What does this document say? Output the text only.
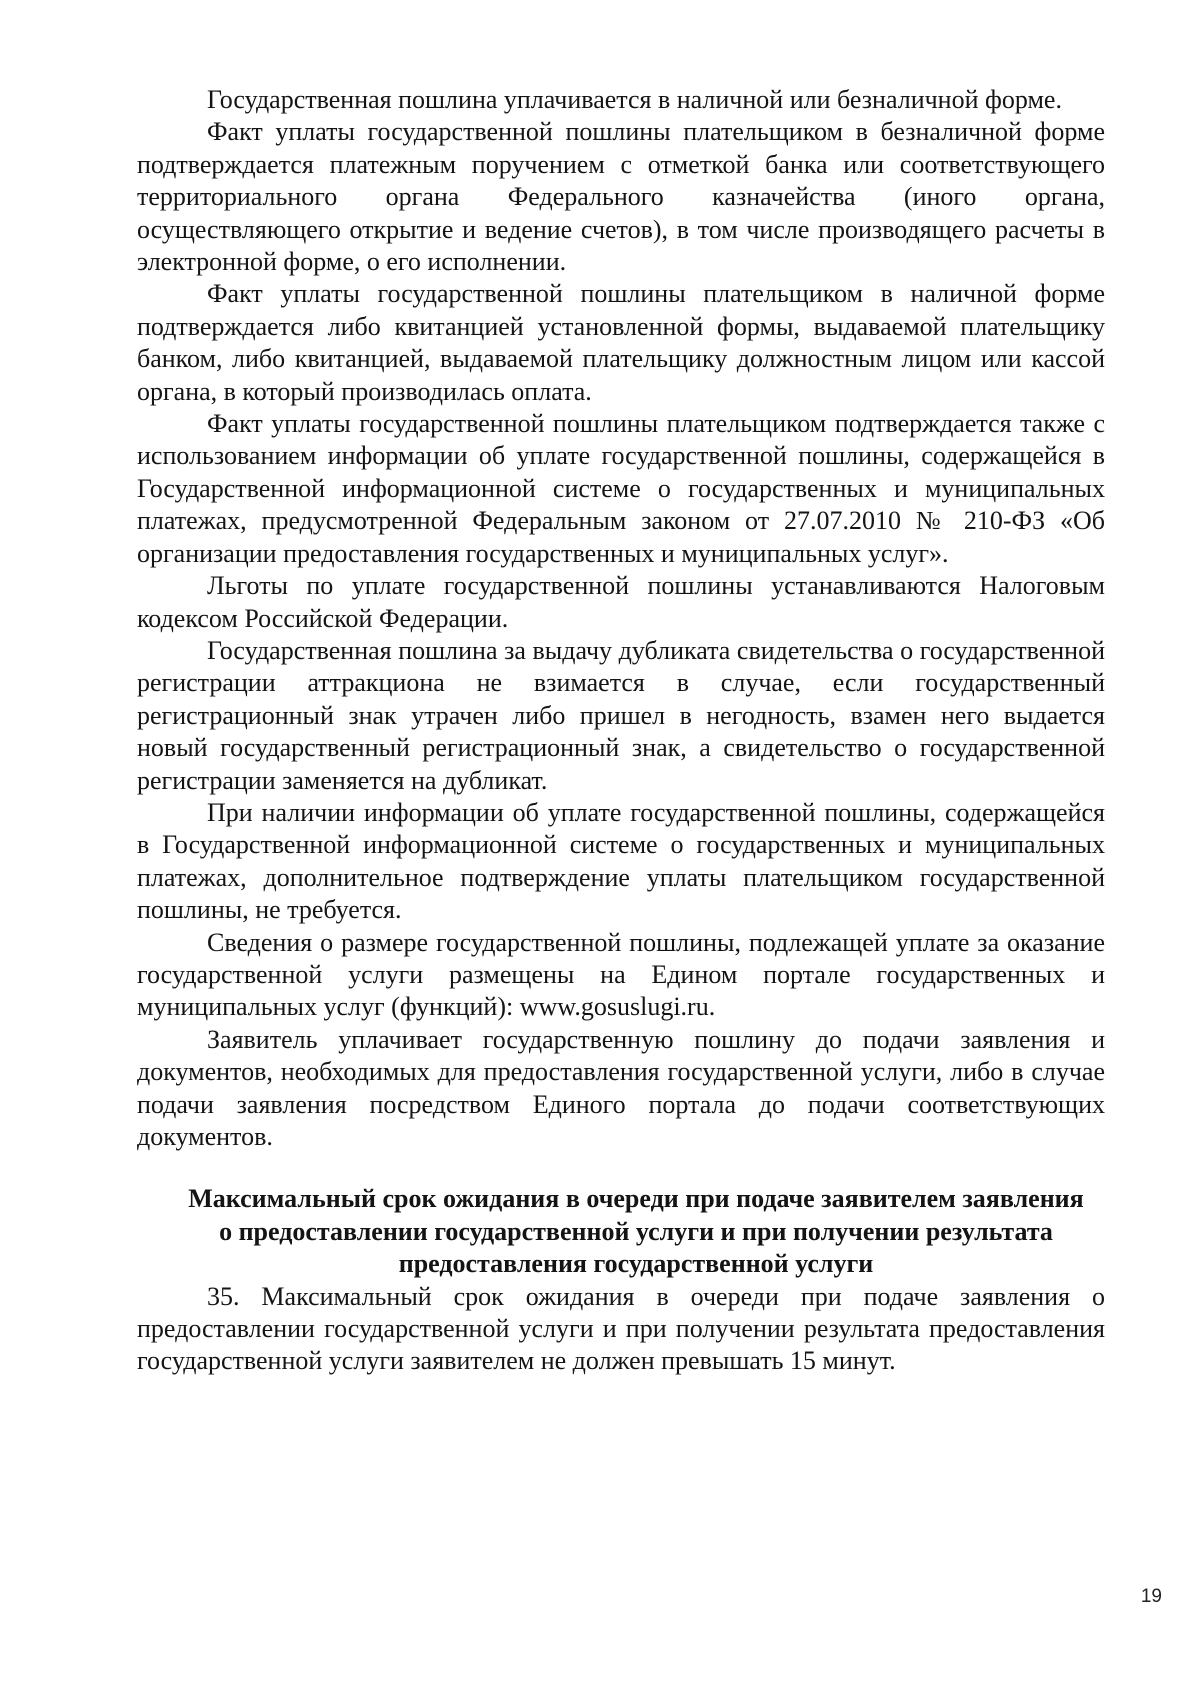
Государственная пошлина уплачивается в наличной или безналичной форме.

Факт уплаты государственной пошлины плательщиком в безналичной форме подтверждается платежным поручением с отметкой банка или соответствующего территориального органа Федерального казначейства (иного органа, осуществляющего открытие и ведение счетов), в том числе производящего расчеты в электронной форме, о его исполнении.

Факт уплаты государственной пошлины плательщиком в наличной форме подтверждается либо квитанцией установленной формы, выдаваемой плательщику банком, либо квитанцией, выдаваемой плательщику должностным лицом или кассой органа, в который производилась оплата.

Факт уплаты государственной пошлины плательщиком подтверждается также с использованием информации об уплате государственной пошлины, содержащейся в Государственной информационной системе о государственных и муниципальных платежах, предусмотренной Федеральным законом от 27.07.2010 № 210-ФЗ «Об организации предоставления государственных и муниципальных услуг».

Льготы по уплате государственной пошлины устанавливаются Налоговым кодексом Российской Федерации.

Государственная пошлина за выдачу дубликата свидетельства о государственной регистрации аттракциона не взимается в случае, если государственный регистрационный знак утрачен либо пришел в негодность, взамен него выдается новый государственный регистрационный знак, а свидетельство о государственной регистрации заменяется на дубликат.

При наличии информации об уплате государственной пошлины, содержащейся в Государственной информационной системе о государственных и муниципальных платежах, дополнительное подтверждение уплаты плательщиком государственной пошлины, не требуется.

Сведения о размере государственной пошлины, подлежащей уплате за оказание государственной услуги размещены на Едином портале государственных и муниципальных услуг (функций): www.gosuslugi.ru.

Заявитель уплачивает государственную пошлину до подачи заявления и документов, необходимых для предоставления государственной услуги, либо в случае подачи заявления посредством Единого портала до подачи соответствующих документов.

Максимальный срок ожидания в очереди при подаче заявителем заявления о предоставлении государственной услуги и при получении результата предоставления государственной услуги

35. Максимальный срок ожидания в очереди при подаче заявления о предоставлении государственной услуги и при получении результата предоставления государственной услуги заявителем не должен превышать 15 минут.

19
